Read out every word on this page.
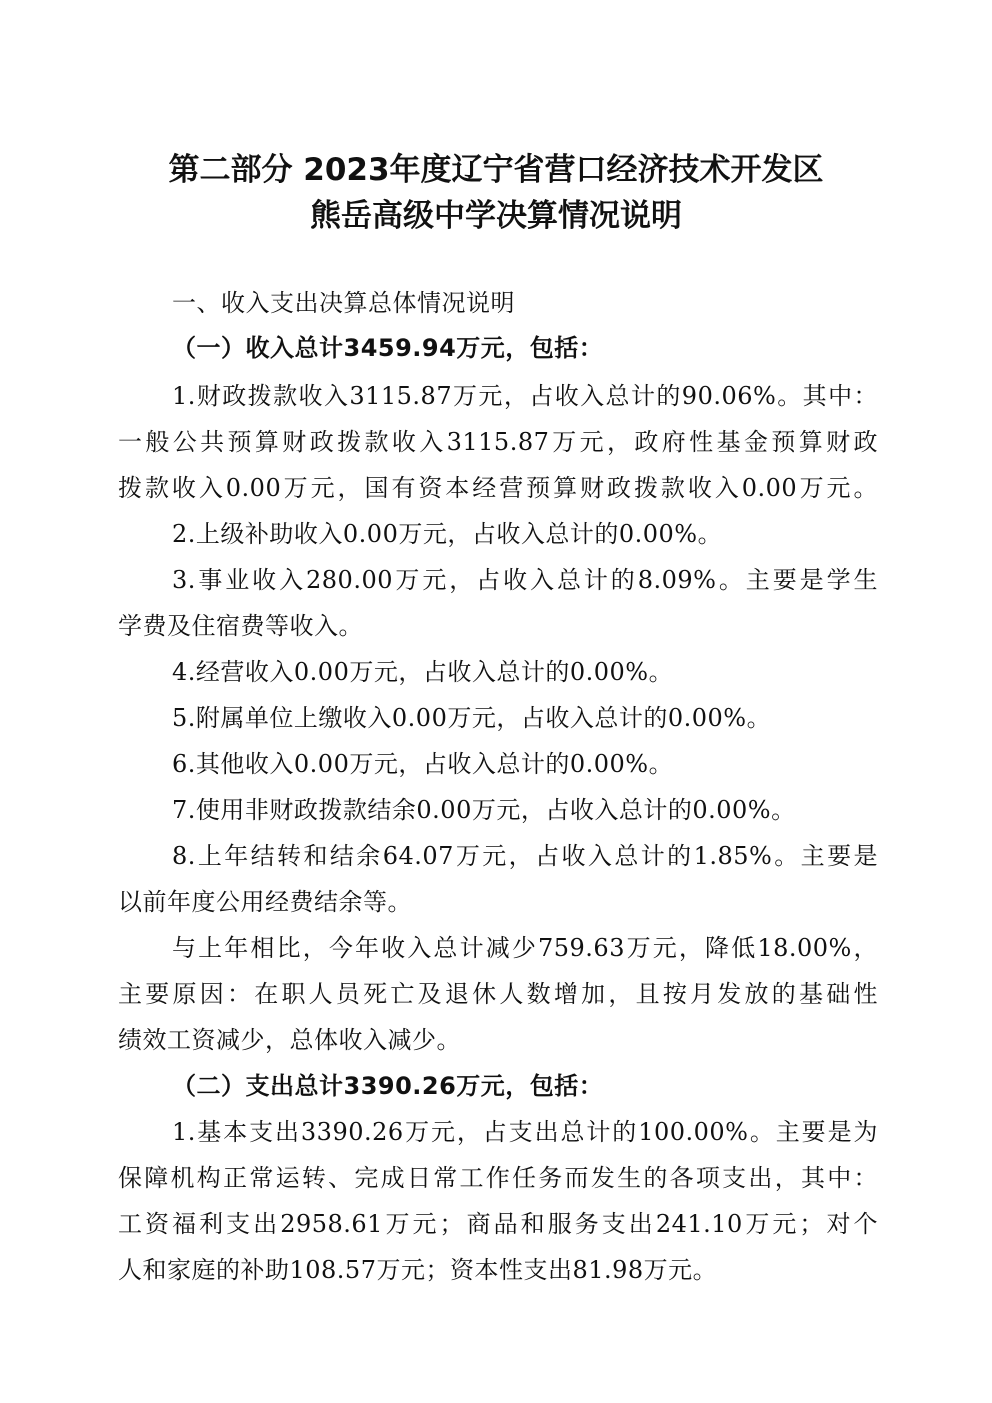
第二部分 2023年度辽宁省营口经济技术开发区
熊岳高级中学决算情况说明
一、收入支出决算总体情况说明
（一）收入总计3459.94万元，包括：
1.财政拨款收入3115.87万元，占收入总计的90.06%。其中：
一般公共预算财政拨款收入3115.87万元，政府性基金预算财政
拨款收入0.00万元，国有资本经营预算财政拨款收入0.00万元。
2.上级补助收入0.00万元，占收入总计的0.00%。
3.事业收入280.00万元，占收入总计的8.09%。主要是学生
学费及住宿费等收入。
4.经营收入0.00万元，占收入总计的0.00%。
5.附属单位上缴收入0.00万元，占收入总计的0.00%。
6.其他收入0.00万元，占收入总计的0.00%。
7.使用非财政拨款结余0.00万元，占收入总计的0.00%。
8.上年结转和结余64.07万元，占收入总计的1.85%。主要是
以前年度公用经费结余等。
与上年相比，今年收入总计减少759.63万元，降低18.00%，
主要原因：在职人员死亡及退休人数增加，且按月发放的基础性
绩效工资减少，总体收入减少。
（二）支出总计3390.26万元，包括：
1.基本支出3390.26万元，占支出总计的100.00%。主要是为
保障机构正常运转、完成日常工作任务而发生的各项支出，其中：
工资福利支出2958.61万元；商品和服务支出241.10万元；对个
人和家庭的补助108.57万元；资本性支出81.98万元。
